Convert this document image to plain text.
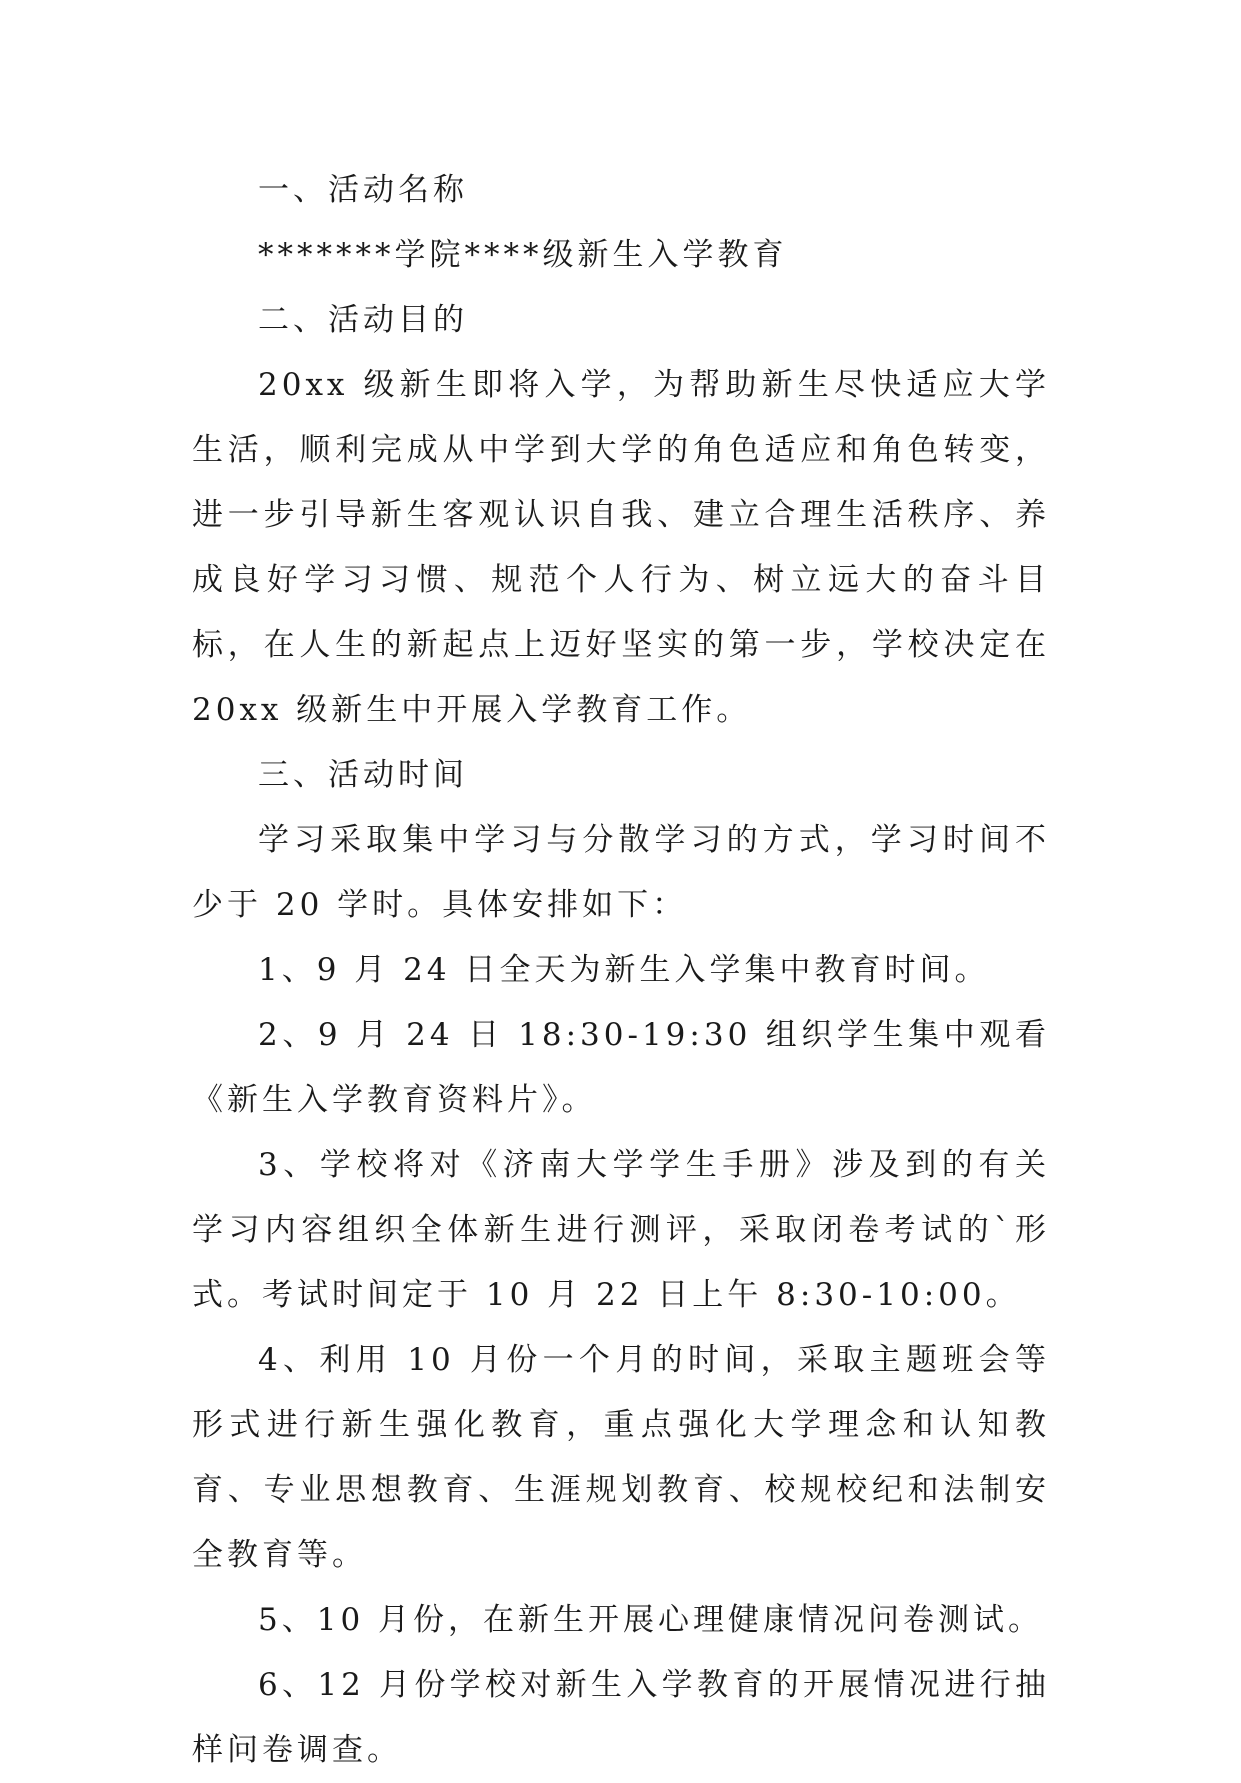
一、活动名称

*******学院****级新生入学教育

二、活动目的

20xx 级新生即将入学，为帮助新生尽快适应大学生活，顺利完成从中学到大学的角色适应和角色转变，进一步引导新生客观认识自我、建立合理生活秩序、养成良好学习习惯、规范个人行为、树立远大的奋斗目标，在人生的新起点上迈好坚实的第一步，学校决定在 20xx 级新生中开展入学教育工作。

三、活动时间

学习采取集中学习与分散学习的方式，学习时间不少于 20 学时。具体安排如下：

1、9 月 24 日全天为新生入学集中教育时间。

2、9 月 24 日 18:30-19:30 组织学生集中观看《新生入学教育资料片》。

3、学校将对《济南大学学生手册》涉及到的有关学习内容组织全体新生进行测评，采取闭卷考试的`形式。考试时间定于 10 月 22 日上午 8:30-10:00。

4、利用 10 月份一个月的时间，采取主题班会等形式进行新生强化教育，重点强化大学理念和认知教育、专业思想教育、生涯规划教育、校规校纪和法制安全教育等。

5、10 月份，在新生开展心理健康情况问卷测试。

6、12 月份学校对新生入学教育的开展情况进行抽样问卷调查。
